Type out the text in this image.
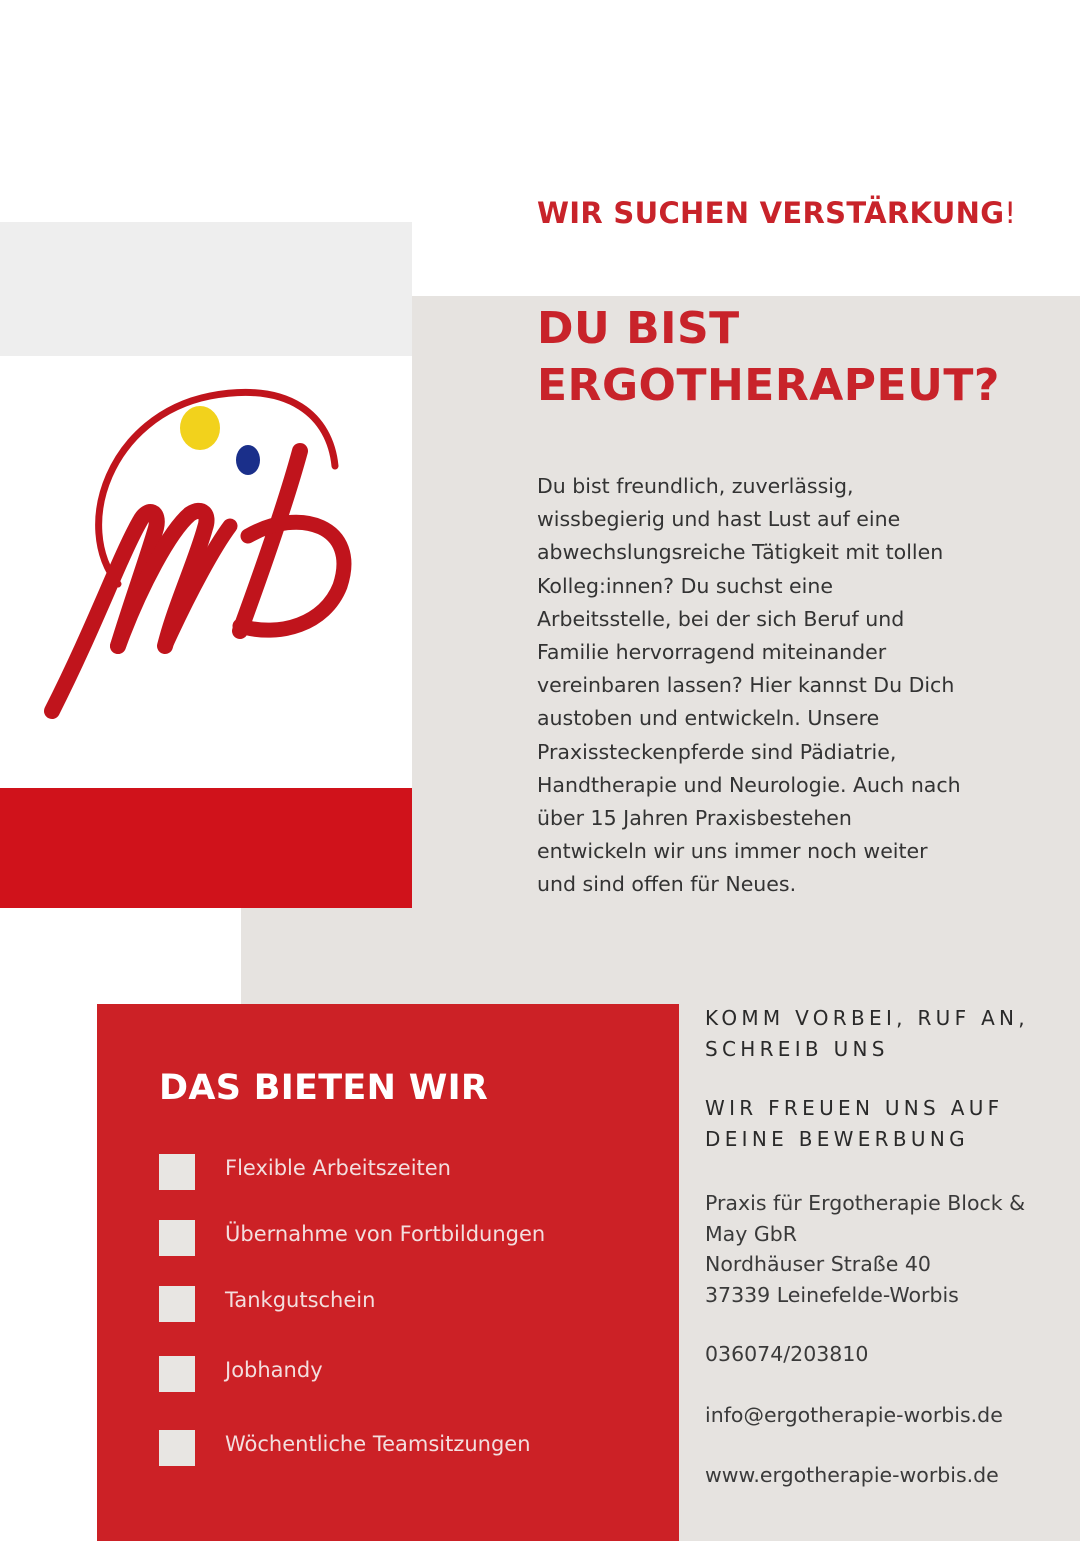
WIR SUCHEN VERSTÄRKUNG!
DU BIST ERGOTHERAPEUT?

Du bist freundlich, zuverlässig, wissbegierig und hast Lust auf eine abwechslungsreiche Tätigkeit mit tollen Kolleg:innen? Du suchst eine Arbeitsstelle, bei der sich Beruf und Familie hervorragend miteinander vereinbaren lassen? Hier kannst Du Dich austoben und entwickeln. Unsere Praxissteckenpferde sind Pädiatrie, Handtherapie und Neurologie. Auch nach über 15 Jahren Praxisbestehen entwickeln wir uns immer noch weiter und sind offen für Neues.

DAS BIETEN WIR
Flexible Arbeitszeiten
Übernahme von Fortbildungen
Tankgutschein
Jobhandy
Wöchentliche Teamsitzungen

KOMM VORBEI, RUF AN, SCHREIB UNS

WIR FREUEN UNS AUF DEINE BEWERBUNG

Praxis für Ergotherapie Block &
May GbR
Nordhäuser Straße 40
37339 Leinefelde-Worbis
036074/203810
info@ergotherapie-worbis.de
www.ergotherapie-worbis.de
